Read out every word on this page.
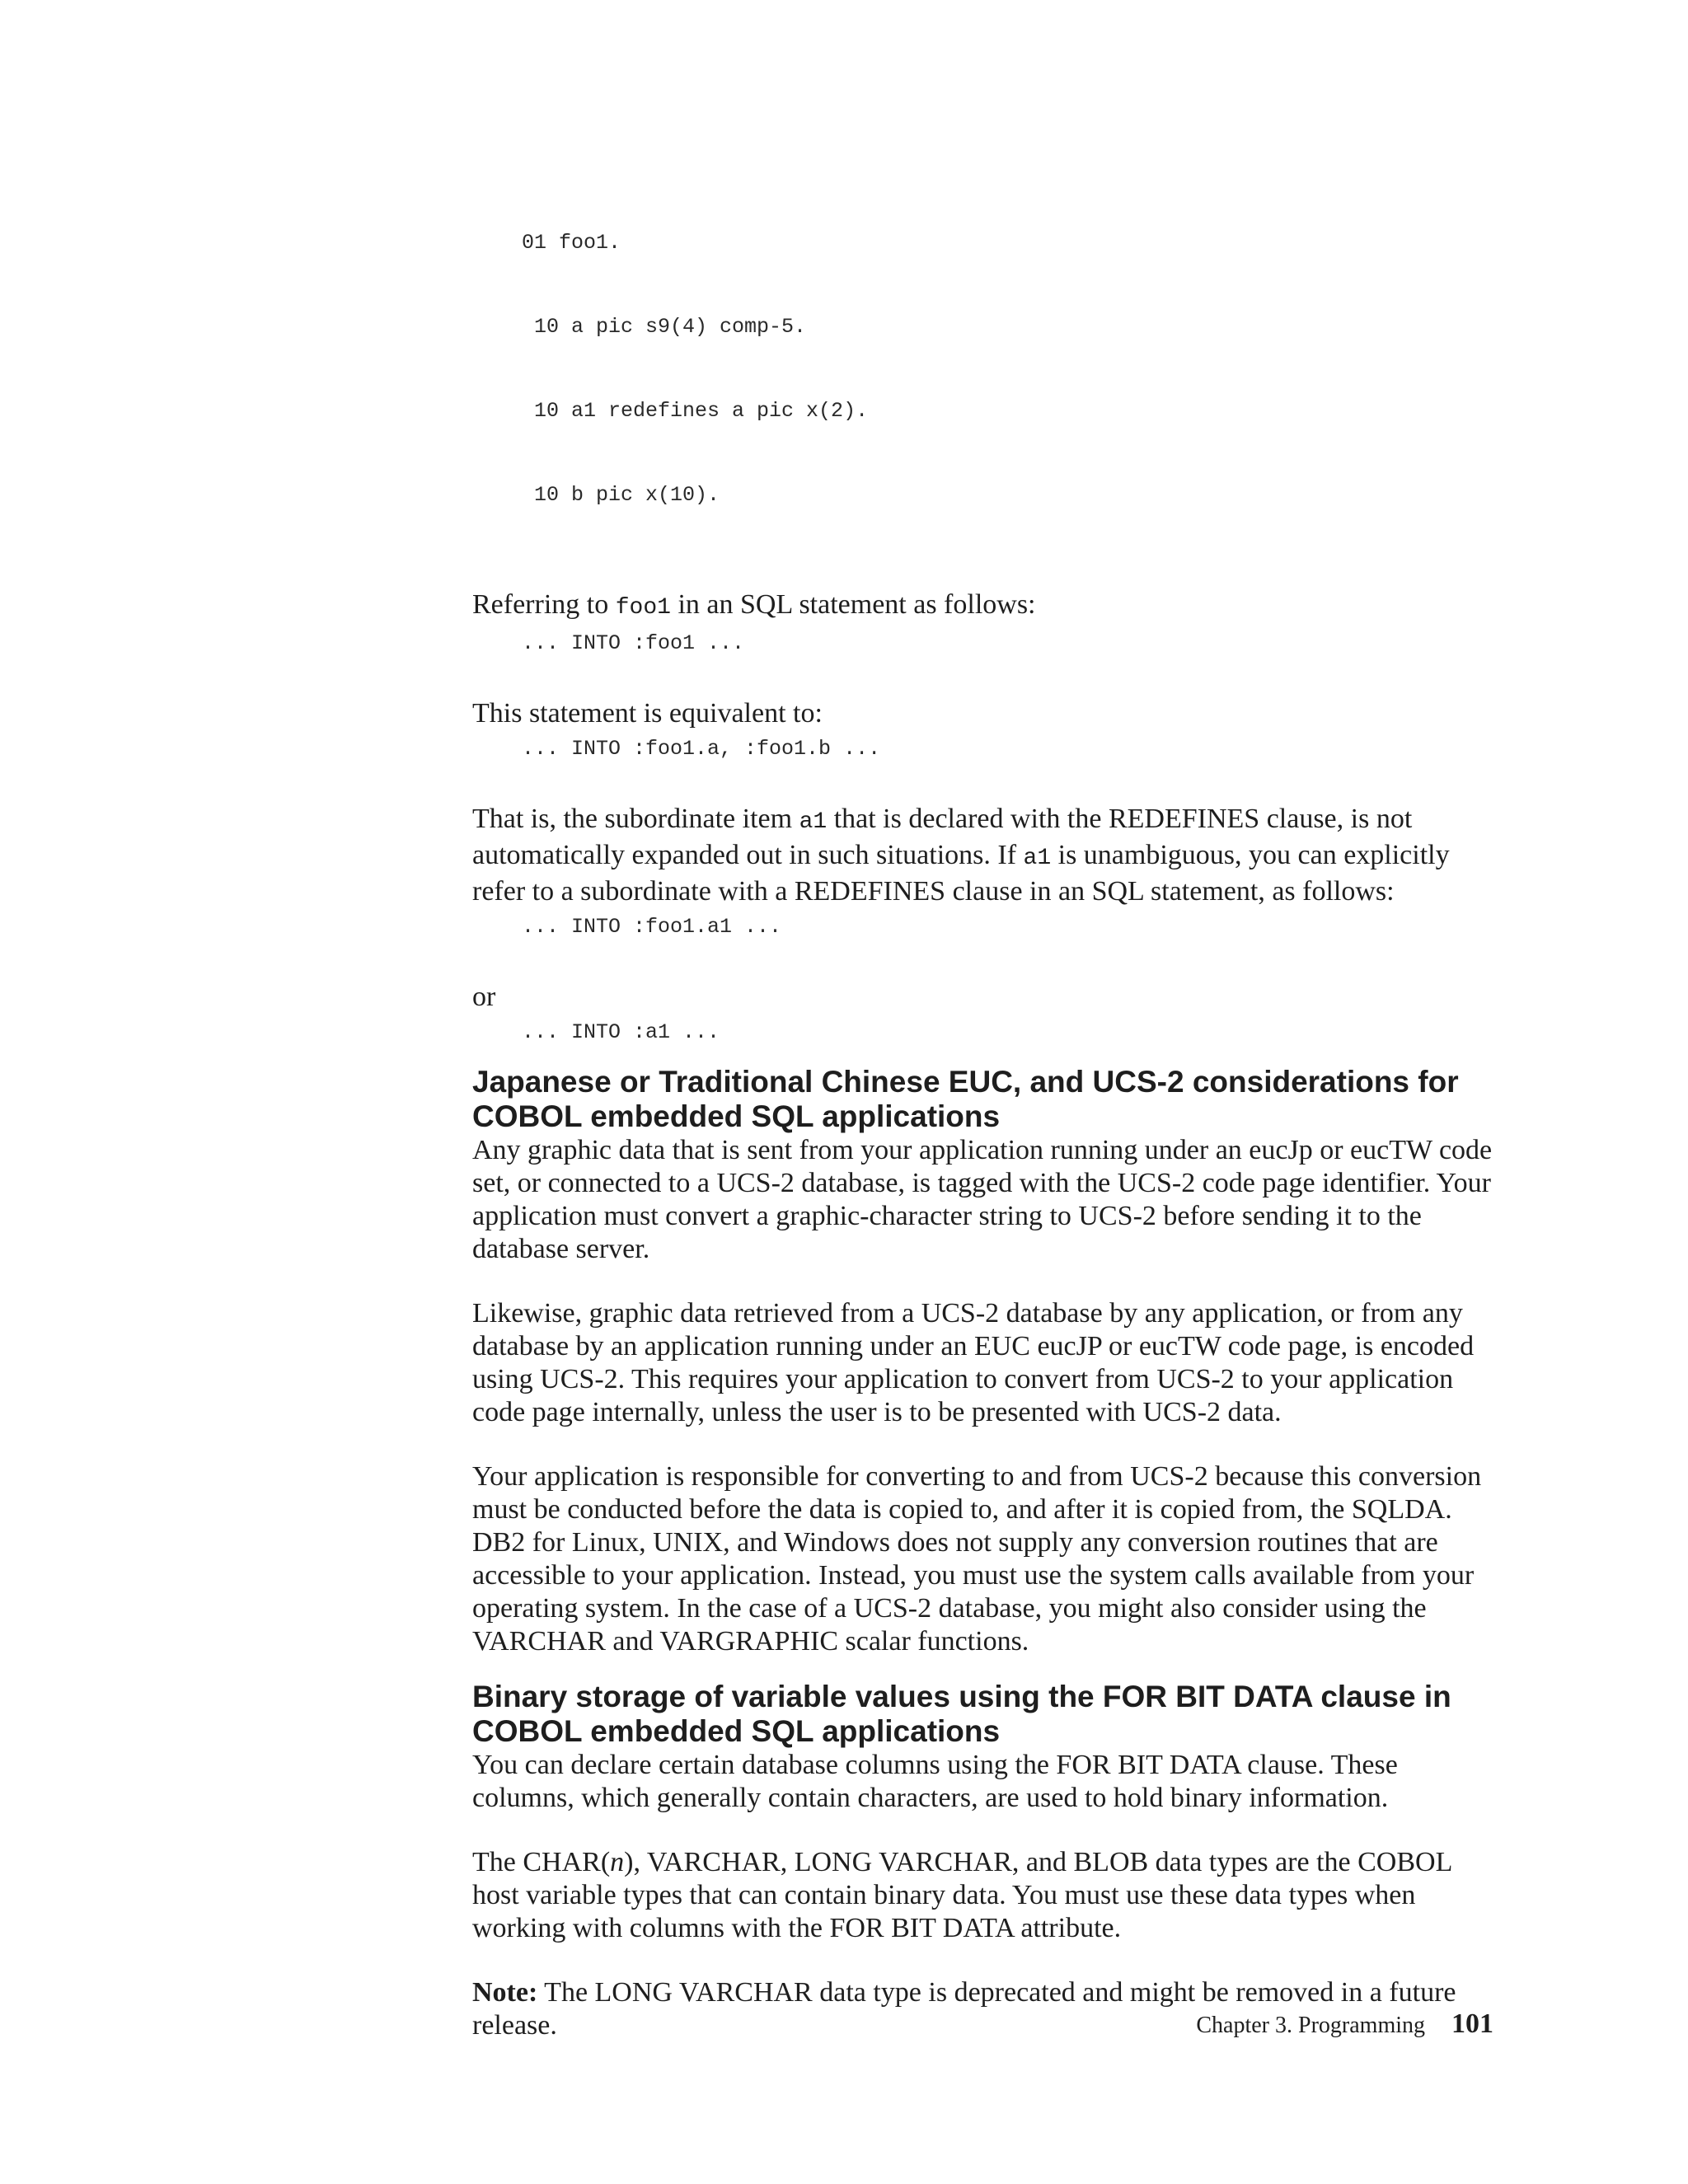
01 foo1.

10 a pic s9(4) comp-5.

10 a1 redefines a pic x(2).

10 b pic x(10).

Referring to foo1 in an SQL statement as follows:

... INTO :foo1 ...

This statement is equivalent to:

... INTO :foo1.a, :foo1.b ...

That is, the subordinate item a1 that is declared with the REDEFINES clause, is not automatically expanded out in such situations. If a1 is unambiguous, you can explicitly refer to a subordinate with a REDEFINES clause in an SQL statement, as follows:

... INTO :foo1.a1 ...

or

... INTO :a1 ...
Japanese or Traditional Chinese EUC, and UCS-2 considerations for COBOL embedded SQL applications

Any graphic data that is sent from your application running under an eucJp or eucTW code set, or connected to a UCS-2 database, is tagged with the UCS-2 code page identifier. Your application must convert a graphic-character string to UCS-2 before sending it to the database server.

Likewise, graphic data retrieved from a UCS-2 database by any application, or from any database by an application running under an EUC eucJP or eucTW code page, is encoded using UCS-2. This requires your application to convert from UCS-2 to your application code page internally, unless the user is to be presented with UCS-2 data.

Your application is responsible for converting to and from UCS-2 because this conversion must be conducted before the data is copied to, and after it is copied from, the SQLDA. DB2 for Linux, UNIX, and Windows does not supply any conversion routines that are accessible to your application. Instead, you must use the system calls available from your operating system. In the case of a UCS-2 database, you might also consider using the VARCHAR and VARGRAPHIC scalar functions.

Binary storage of variable values using the FOR BIT DATA clause in COBOL embedded SQL applications

You can declare certain database columns using the FOR BIT DATA clause. These columns, which generally contain characters, are used to hold binary information.

The CHAR(n), VARCHAR, LONG VARCHAR, and BLOB data types are the COBOL host variable types that can contain binary data. You must use these data types when working with columns with the FOR BIT DATA attribute.

Note: The LONG VARCHAR data type is deprecated and might be removed in a future release.	Chapter 3. Programming 101
